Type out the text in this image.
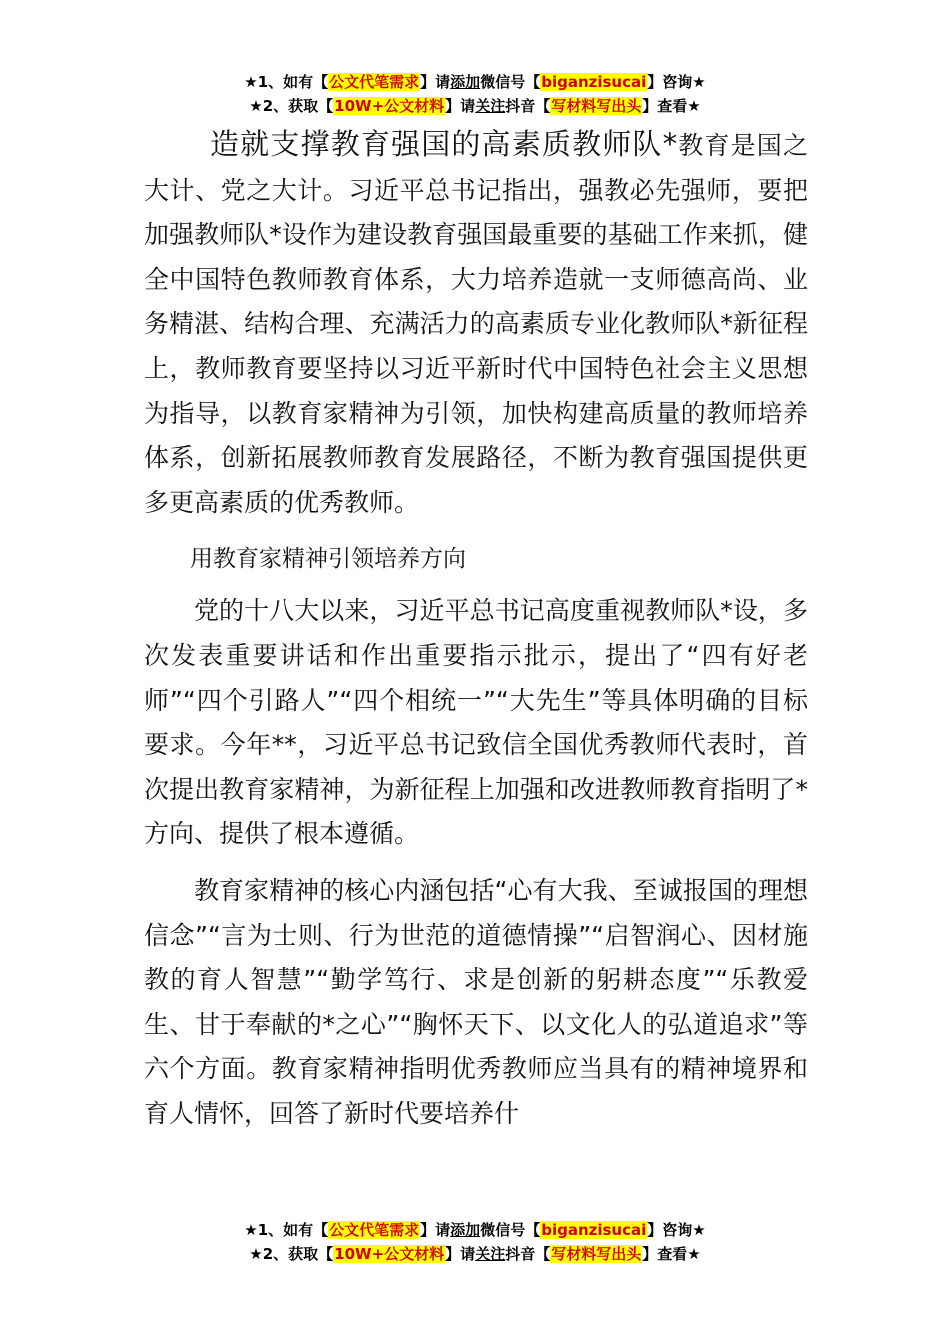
★1、如有【公文代笔需求】请添加微信号【biganzisucai】咨询★
★2、获取【10W+公文材料】请关注抖音【写材料写出头】查看★

造就支撑教育强国的高素质教师队*教育是国之大计、党之大计。习近平总书记指出，强教必先强师，要把加强教师队*设作为建设教育强国最重要的基础工作来抓，健全中国特色教师教育体系，大力培养造就一支师德高尚、业务精湛、结构合理、充满活力的高素质专业化教师队*新征程上，教师教育要坚持以习近平新时代中国特色社会主义思想为指导，以教育家精神为引领，加快构建高质量的教师培养体系，创新拓展教师教育发展路径，不断为教育强国提供更多更高素质的优秀教师。

用教育家精神引领培养方向

党的十八大以来，习近平总书记高度重视教师队*设，多次发表重要讲话和作出重要指示批示，提出了“四有好老师”“四个引路人”“四个相统一”“大先生”等具体明确的目标要求。今年**，习近平总书记致信全国优秀教师代表时，首次提出教育家精神，为新征程上加强和改进教师教育指明了*方向、提供了根本遵循。

教育家精神的核心内涵包括“心有大我、至诚报国的理想信念”“言为士则、行为世范的道德情操”“启智润心、因材施教的育人智慧”“勤学笃行、求是创新的躬耕态度”“乐教爱生、甘于奉献的*之心”“胸怀天下、以文化人的弘道追求”等六个方面。教育家精神指明优秀教师应当具有的精神境界和育人情怀，回答了新时代要培养什

★1、如有【公文代笔需求】请添加微信号【biganzisucai】咨询★
★2、获取【10W+公文材料】请关注抖音【写材料写出头】查看★
